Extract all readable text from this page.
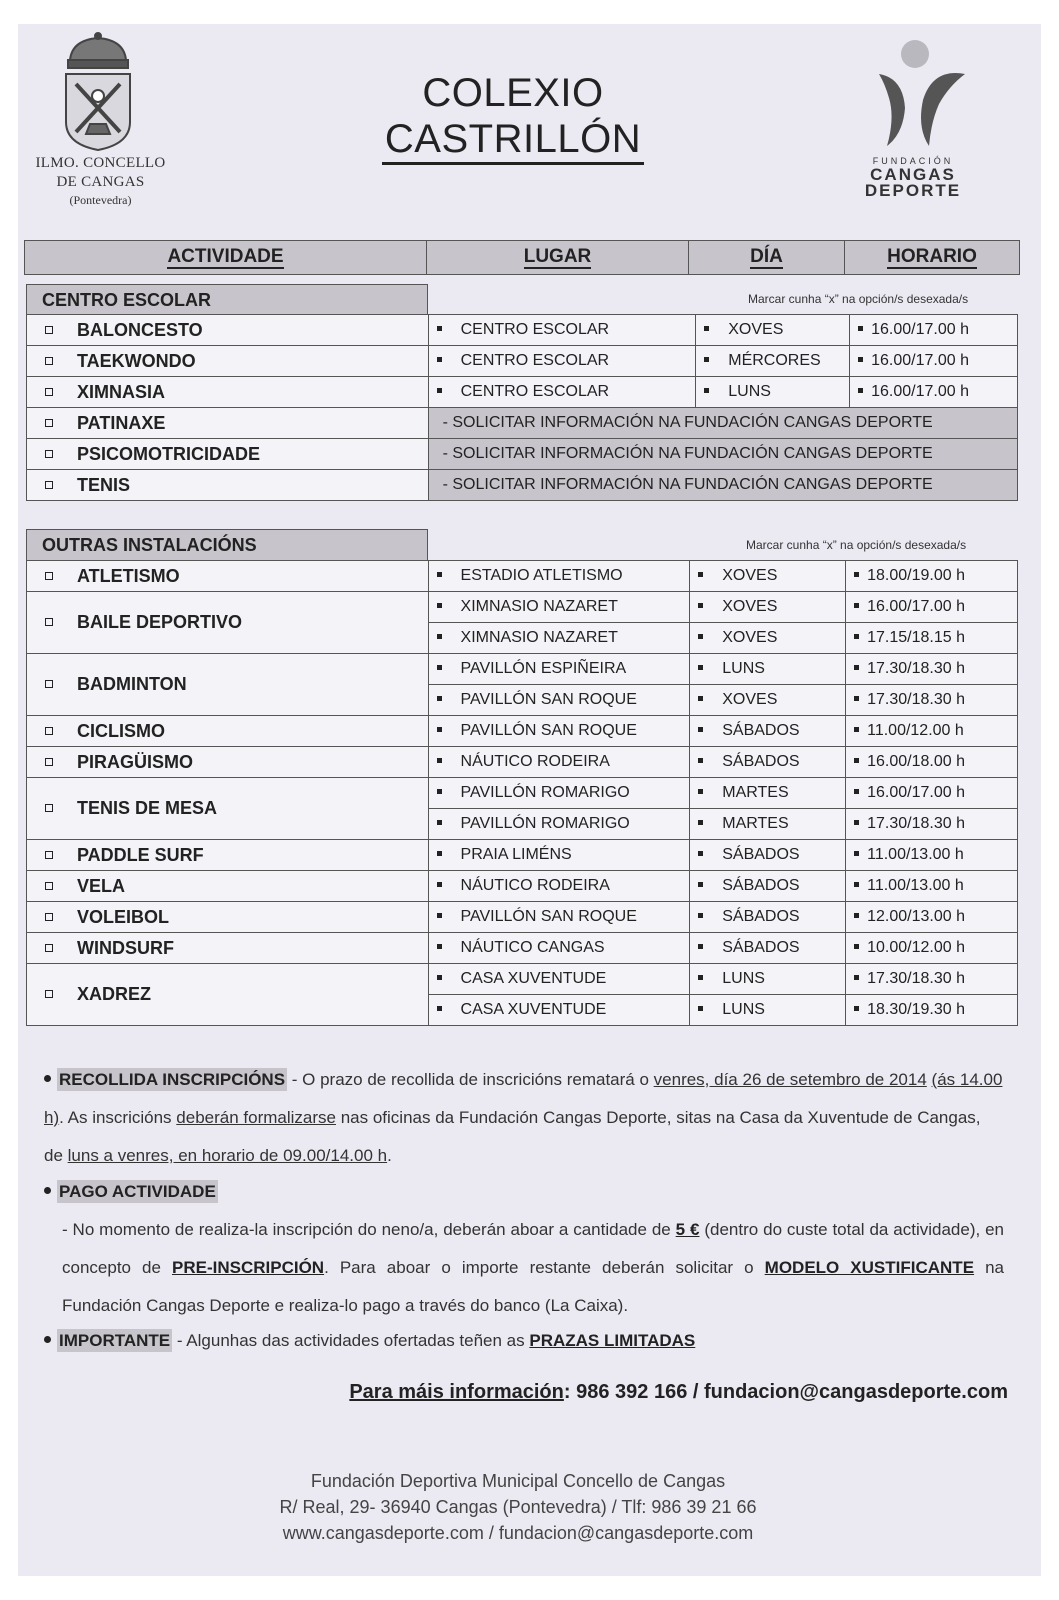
ILMO. CONCELLO
DE CANGAS
(Pontevedra)
COLEXIO
CASTRILLÓN	FUNDACIÓN
CANGAS
DEPORTE
ACTIVIDADE	LUGAR	DÍA	HORARIO
CENTRO ESCOLAR	Marcar cunha “x” na opción/s desexada/s
BALONCESTO	CENTRO ESCOLAR	XOVES	16.00/17.00 h
TAEKWONDO	CENTRO ESCOLAR	MÉRCORES	16.00/17.00 h
XIMNASIA	CENTRO ESCOLAR	LUNS	16.00/17.00 h
PATINAXE	- SOLICITAR INFORMACIÓN NA FUNDACIÓN CANGAS DEPORTE		
PSICOMOTRICIDADE	- SOLICITAR INFORMACIÓN NA FUNDACIÓN CANGAS DEPORTE		
TENIS	- SOLICITAR INFORMACIÓN NA FUNDACIÓN CANGAS DEPORTE		
OUTRAS INSTALACIÓNS	Marcar cunha “x” na opción/s desexada/s
ATLETISMO	ESTADIO ATLETISMO	XOVES	18.00/19.00 h
BAILE DEPORTIVO	XIMNASIO NAZARET	XOVES	16.00/17.00 h
	XIMNASIO NAZARET	XOVES	17.15/18.15 h
BADMINTON	PAVILLÓN ESPIÑEIRA	LUNS	17.30/18.30 h
	PAVILLÓN SAN ROQUE	XOVES	17.30/18.30 h
CICLISMO	PAVILLÓN SAN ROQUE	SÁBADOS	11.00/12.00 h
PIRAGÜISMO	NÁUTICO RODEIRA	SÁBADOS	16.00/18.00 h
TENIS DE MESA	PAVILLÓN ROMARIGO	MARTES	16.00/17.00 h
	PAVILLÓN ROMARIGO	MARTES	17.30/18.30 h
PADDLE SURF	PRAIA LIMÉNS	SÁBADOS	11.00/13.00 h
VELA	NÁUTICO RODEIRA	SÁBADOS	11.00/13.00 h
VOLEIBOL	PAVILLÓN SAN ROQUE	SÁBADOS	12.00/13.00 h
WINDSURF	NÁUTICO CANGAS	SÁBADOS	10.00/12.00 h
XADREZ	CASA XUVENTUDE	LUNS	17.30/18.30 h
	CASA XUVENTUDE	LUNS	18.30/19.30 h
RECOLLIDA INSCRIPCIÓNS - O prazo de recollida de inscricións rematará o venres, día 26 de setembro de 2014 (ás 14.00 h). As inscricións deberán formalizarse nas oficinas da Fundación Cangas Deporte, sitas na Casa da Xuventude de Cangas, de luns a venres, en horario de 09.00/14.00 h.
PAGO ACTIVIDADE
- No momento de realiza-la inscripción do neno/a, deberán aboar a cantidade de 5 € (dentro do custe total da actividade), en concepto de PRE-INSCRIPCIÓN. Para aboar o importe restante deberán solicitar o MODELO XUSTIFICANTE na Fundación Cangas Deporte e realiza-lo pago a través do banco (La Caixa).
IMPORTANTE - Algunhas das actividades ofertadas teñen as PRAZAS LIMITADAS
Para máis información: 986 392 166 / fundacion@cangasdeporte.com
Fundación Deportiva Municipal Concello de Cangas
R/ Real, 29- 36940 Cangas (Pontevedra) / Tlf: 986 39 21 66
www.cangasdeporte.com / fundacion@cangasdeporte.com
